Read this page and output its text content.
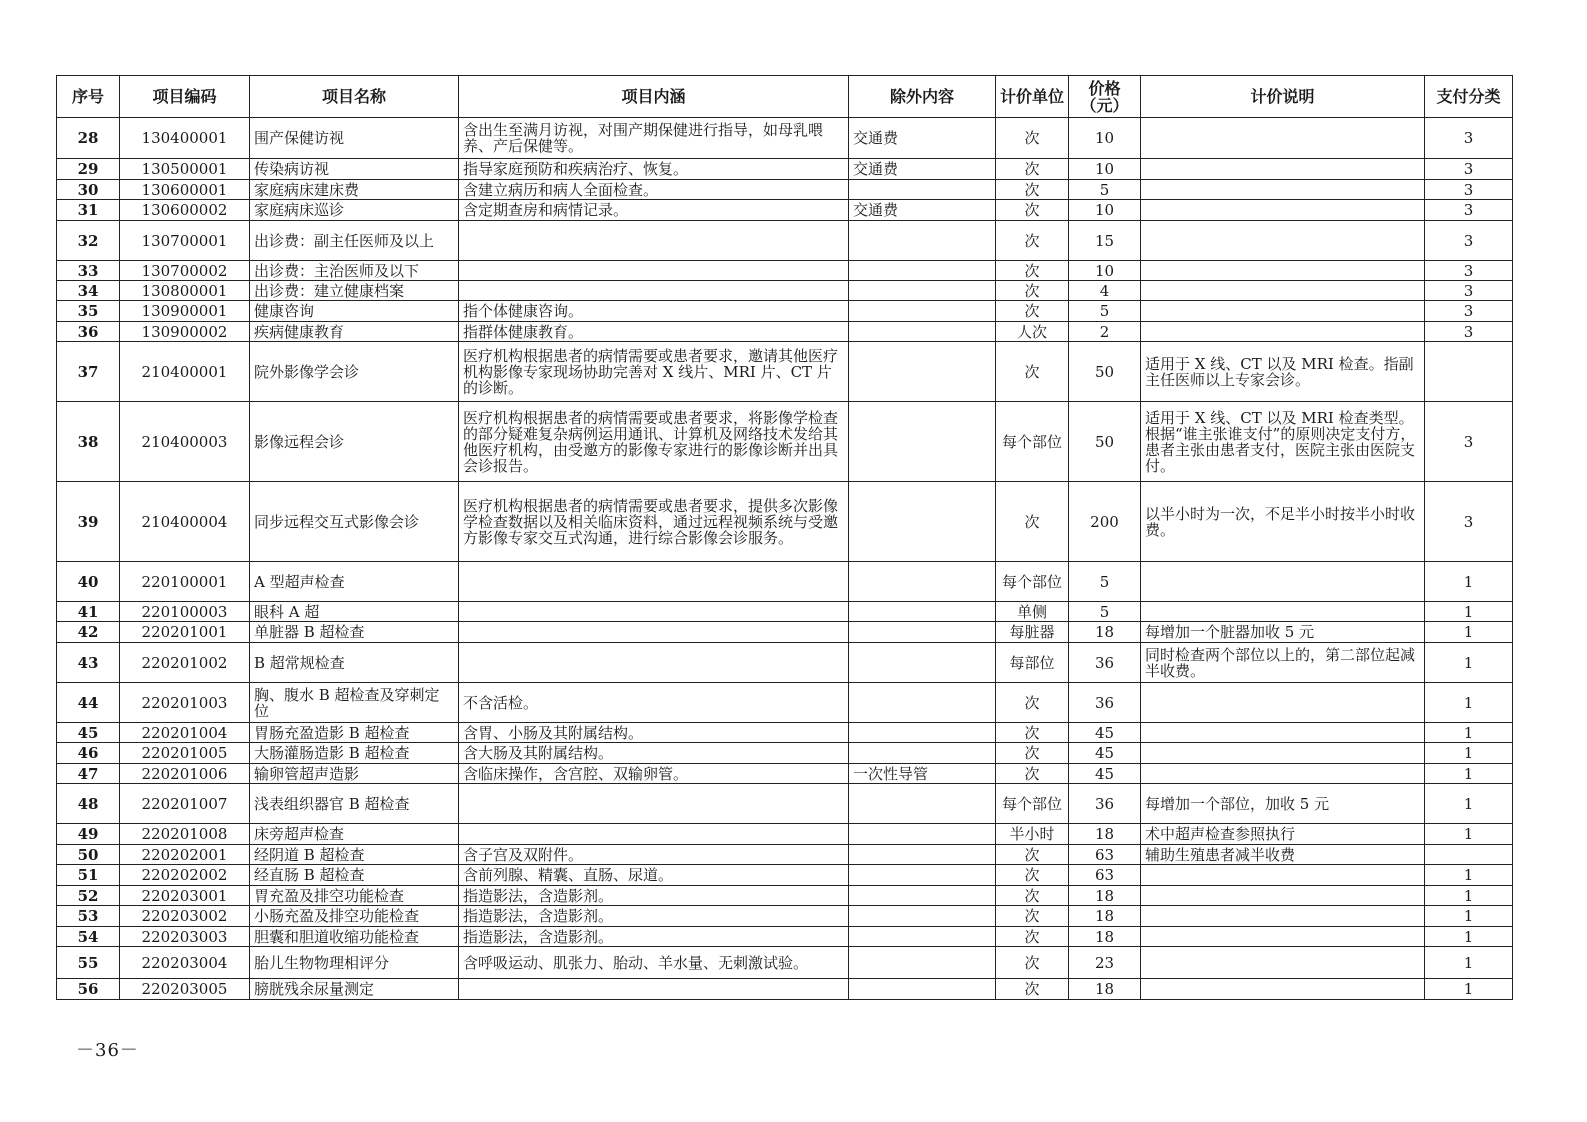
序号	项目编码	项目名称	项目内涵	除外内容	计价单位	价格（元）	计价说明	支付分类
28	130400001	围产保健访视	含出生至满月访视，对围产期保健进行指导，如母乳喂养、产后保健等。	交通费	次	10		3
29	130500001	传染病访视	指导家庭预防和疾病治疗、恢复。	交通费	次	10		3
30	130600001	家庭病床建床费	含建立病历和病人全面检查。		次	5		3
31	130600002	家庭病床巡诊	含定期查房和病情记录。	交通费	次	10		3
32	130700001	出诊费：副主任医师及以上			次	15		3
33	130700002	出诊费：主治医师及以下			次	10		3
34	130800001	出诊费：建立健康档案			次	4		3
35	130900001	健康咨询	指个体健康咨询。		次	5		3
36	130900002	疾病健康教育	指群体健康教育。		人次	2		3
37	210400001	院外影像学会诊	医疗机构根据患者的病情需要或患者要求，邀请其他医疗机构影像专家现场协助完善对 X 线片、MRI 片、CT 片的诊断。		次	50	适用于 X 线、CT 以及 MRI 检查。指副主任医师以上专家会诊。	
38	210400003	影像远程会诊	医疗机构根据患者的病情需要或患者要求，将影像学检查的部分疑难复杂病例运用通讯、计算机及网络技术发给其他医疗机构，由受邀方的影像专家进行的影像诊断并出具会诊报告。		每个部位	50	适用于 X 线、CT 以及 MRI 检查类型。根据“谁主张谁支付”的原则决定支付方，患者主张由患者支付，医院主张由医院支付。	3
39	210400004	同步远程交互式影像会诊	医疗机构根据患者的病情需要或患者要求，提供多次影像学检查数据以及相关临床资料，通过远程视频系统与受邀方影像专家交互式沟通，进行综合影像会诊服务。		次	200	以半小时为一次，不足半小时按半小时收费。	3
40	220100001	A 型超声检查			每个部位	5		1
41	220100003	眼科 A 超			单侧	5		1
42	220201001	单脏器 B 超检查			每脏器	18	每增加一个脏器加收 5 元	1
43	220201002	B 超常规检查			每部位	36	同时检查两个部位以上的，第二部位起减半收费。	1
44	220201003	胸、腹水 B 超检查及穿刺定位	不含活检。		次	36		1
45	220201004	胃肠充盈造影 B 超检查	含胃、小肠及其附属结构。		次	45		1
46	220201005	大肠灌肠造影 B 超检查	含大肠及其附属结构。		次	45		1
47	220201006	输卵管超声造影	含临床操作，含宫腔、双输卵管。	一次性导管	次	45		1
48	220201007	浅表组织器官 B 超检查			每个部位	36	每增加一个部位，加收 5 元	1
49	220201008	床旁超声检查			半小时	18	术中超声检查参照执行	1
50	220202001	经阴道 B 超检查	含子宫及双附件。		次	63	辅助生殖患者减半收费	
51	220202002	经直肠 B 超检查	含前列腺、精囊、直肠、尿道。		次	63		1
52	220203001	胃充盈及排空功能检查	指造影法，含造影剂。		次	18		1
53	220203002	小肠充盈及排空功能检查	指造影法，含造影剂。		次	18		1
54	220203003	胆囊和胆道收缩功能检查	指造影法，含造影剂。		次	18		1
55	220203004	胎儿生物物理相评分	含呼吸运动、肌张力、胎动、羊水量、无刺激试验。		次	23		1
56	220203005	膀胱残余尿量测定			次	18		1
－36－
